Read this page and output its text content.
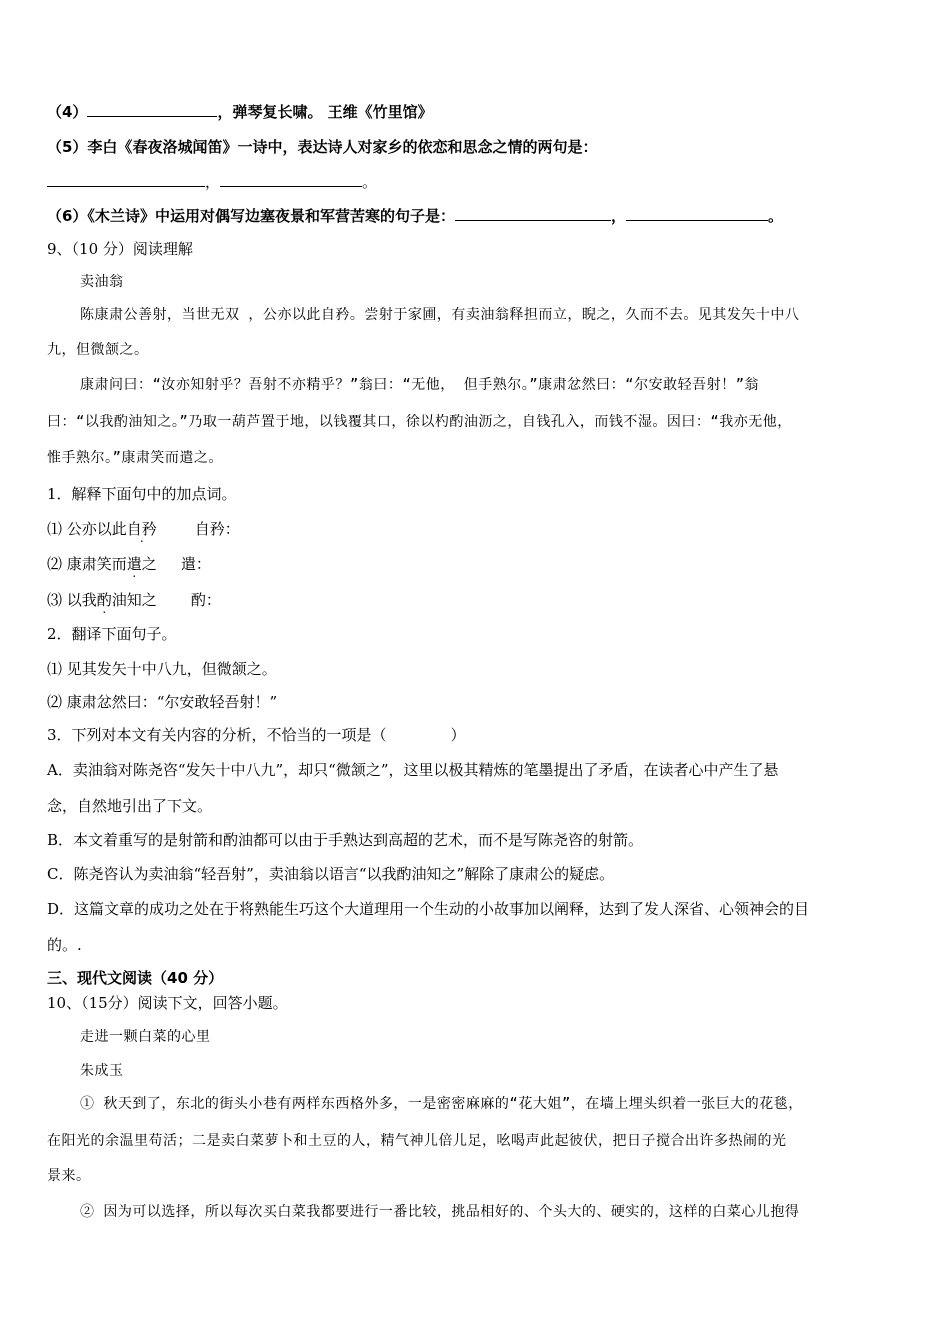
（4）	，弹琴复长啸。 王维《竹里馆》
（5）李白《春夜洛城闻笛》一诗中，表达诗人对家乡的依恋和思念之情的两句是：
，	。
（6）《木兰诗》中运用对偶写边塞夜景和军营苦寒的句子是：	，	。
9、（10 分）阅读理解
卖油翁
陈康肃公善射，当世无双 ，公亦以此自矜。尝射于家圃，有卖油翁释担而立，睨之，久而不去。见其发矢十中八
九，但微颔之。
康肃问曰：“汝亦知射乎？吾射不亦精乎？”翁曰：“无他， 但手熟尔。”康肃忿然曰：“尔安敢轻吾射！”翁
曰：“以我酌油知之。”乃取一葫芦置于地，以钱覆其口，徐以杓酌油沥之，自钱孔入，而钱不湿。因曰：“我亦无他，
惟手熟尔。”康肃笑而遣之。
1．解释下面句中的加点词。
⑴ 公亦以此自矜	自矜：
⑵ 康肃笑而遣之 遣：
⑶ 以我酌油知之 酌：
2．翻译下面句子。
⑴ 见其发矢十中八九，但微颔之。
⑵ 康肃忿然曰：“尔安敢轻吾射！”
3．下列对本文有关内容的分析，不恰当的一项是（	）
A．卖油翁对陈尧咨“发矢十中八九”，却只“微颔之”，这里以极其精炼的笔墨提出了矛盾，在读者心中产生了悬
念，自然地引出了下文。
B．本文着重写的是射箭和酌油都可以由于手熟达到高超的艺术，而不是写陈尧咨的射箭。
C．陈尧咨认为卖油翁“轻吾射”，卖油翁以语言“以我酌油知之”解除了康肃公的疑虑。
D．这篇文章的成功之处在于将熟能生巧这个大道理用一个生动的小故事加以阐释，达到了发人深省、心领神会的目
的。.
三、现代文阅读（40 分）
10、（15分）阅读下文，回答小题。
走进一颗白菜的心里
朱成玉
① 秋天到了，东北的街头小巷有两样东西格外多，一是密密麻麻的“花大姐”，在墙上埋头织着一张巨大的花毯，
在阳光的余温里苟活；二是卖白菜萝卜和土豆的人，精气神儿倍儿足，吆喝声此起彼伏，把日子搅合出许多热闹的光
景来。
② 因为可以选择，所以每次买白菜我都要进行一番比较，挑品相好的、个头大的、硬实的，这样的白菜心儿抱得
